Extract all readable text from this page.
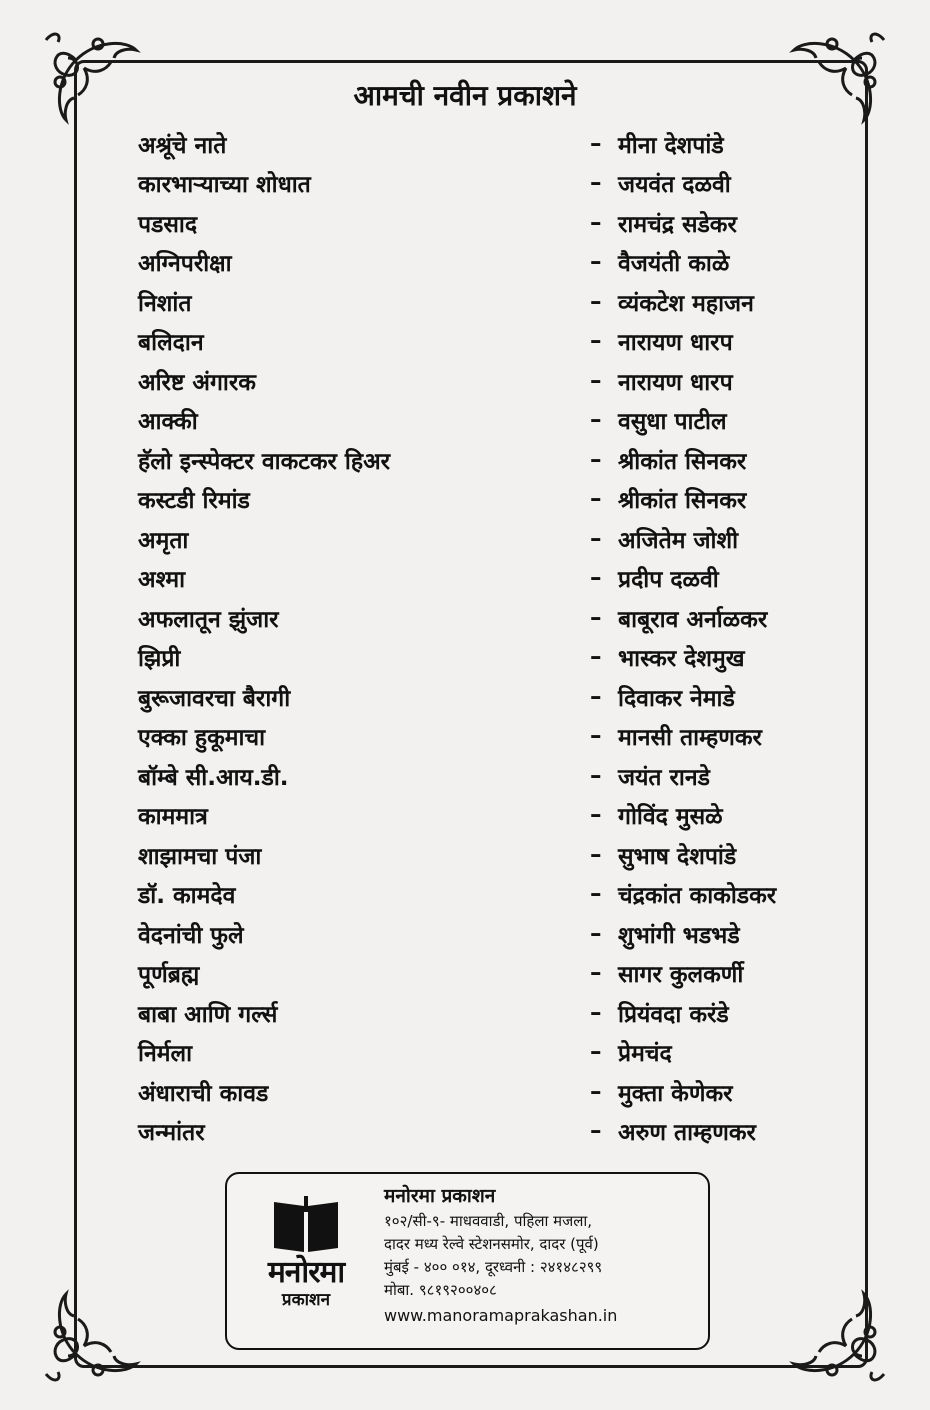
आमची नवीन प्रकाशने
अश्रूंचे नाते	– मीना देशपांडे
कारभाऱ्याच्या शोधात	– जयवंत दळवी
पडसाद	– रामचंद्र सडेकर
अग्निपरीक्षा	– वैजयंती काळे
निशांत	– व्यंकटेश महाजन
बलिदान	– नारायण धारप
अरिष्ट अंगारक	– नारायण धारप
आक्की	– वसुधा पाटील
हॅलो इन्स्पेक्टर वाकटकर हिअर	– श्रीकांत सिनकर
कस्टडी रिमांड	– श्रीकांत सिनकर
अमृता	– अजितेम जोशी
अश्मा	– प्रदीप दळवी
अफलातून झुंजार	– बाबूराव अर्नाळकर
झिप्री	– भास्कर देशमुख
बुरूजावरचा बैरागी	– दिवाकर नेमाडे
एक्का हुकूमाचा	– मानसी ताम्हणकर
बॉम्बे सी.आय.डी.	– जयंत रानडे
काममात्र	– गोविंद मुसळे
शाझामचा पंजा	– सुभाष देशपांडे
डॉ. कामदेव	– चंद्रकांत काकोडकर
वेदनांची फुले	– शुभांगी भडभडे
पूर्णब्रह्म	– सागर कुलकर्णी
बाबा आणि गर्ल्स	– प्रियंवदा करंडे
निर्मला	– प्रेमचंद
अंधाराची कावड	– मुक्ता केणेकर
जन्मांतर	– अरुण ताम्हणकर
मनोरमा
प्रकाशन
मनोरमा प्रकाशन
१०२/सी-९- माधववाडी, पहिला मजला,
दादर मध्य रेल्वे स्टेशनसमोर, दादर (पूर्व)
मुंबई - ४०० ०१४, दूरध्वनी : २४१४८२९९
मोबा. ९८१९२००४०८
www.manoramaprakashan.in
